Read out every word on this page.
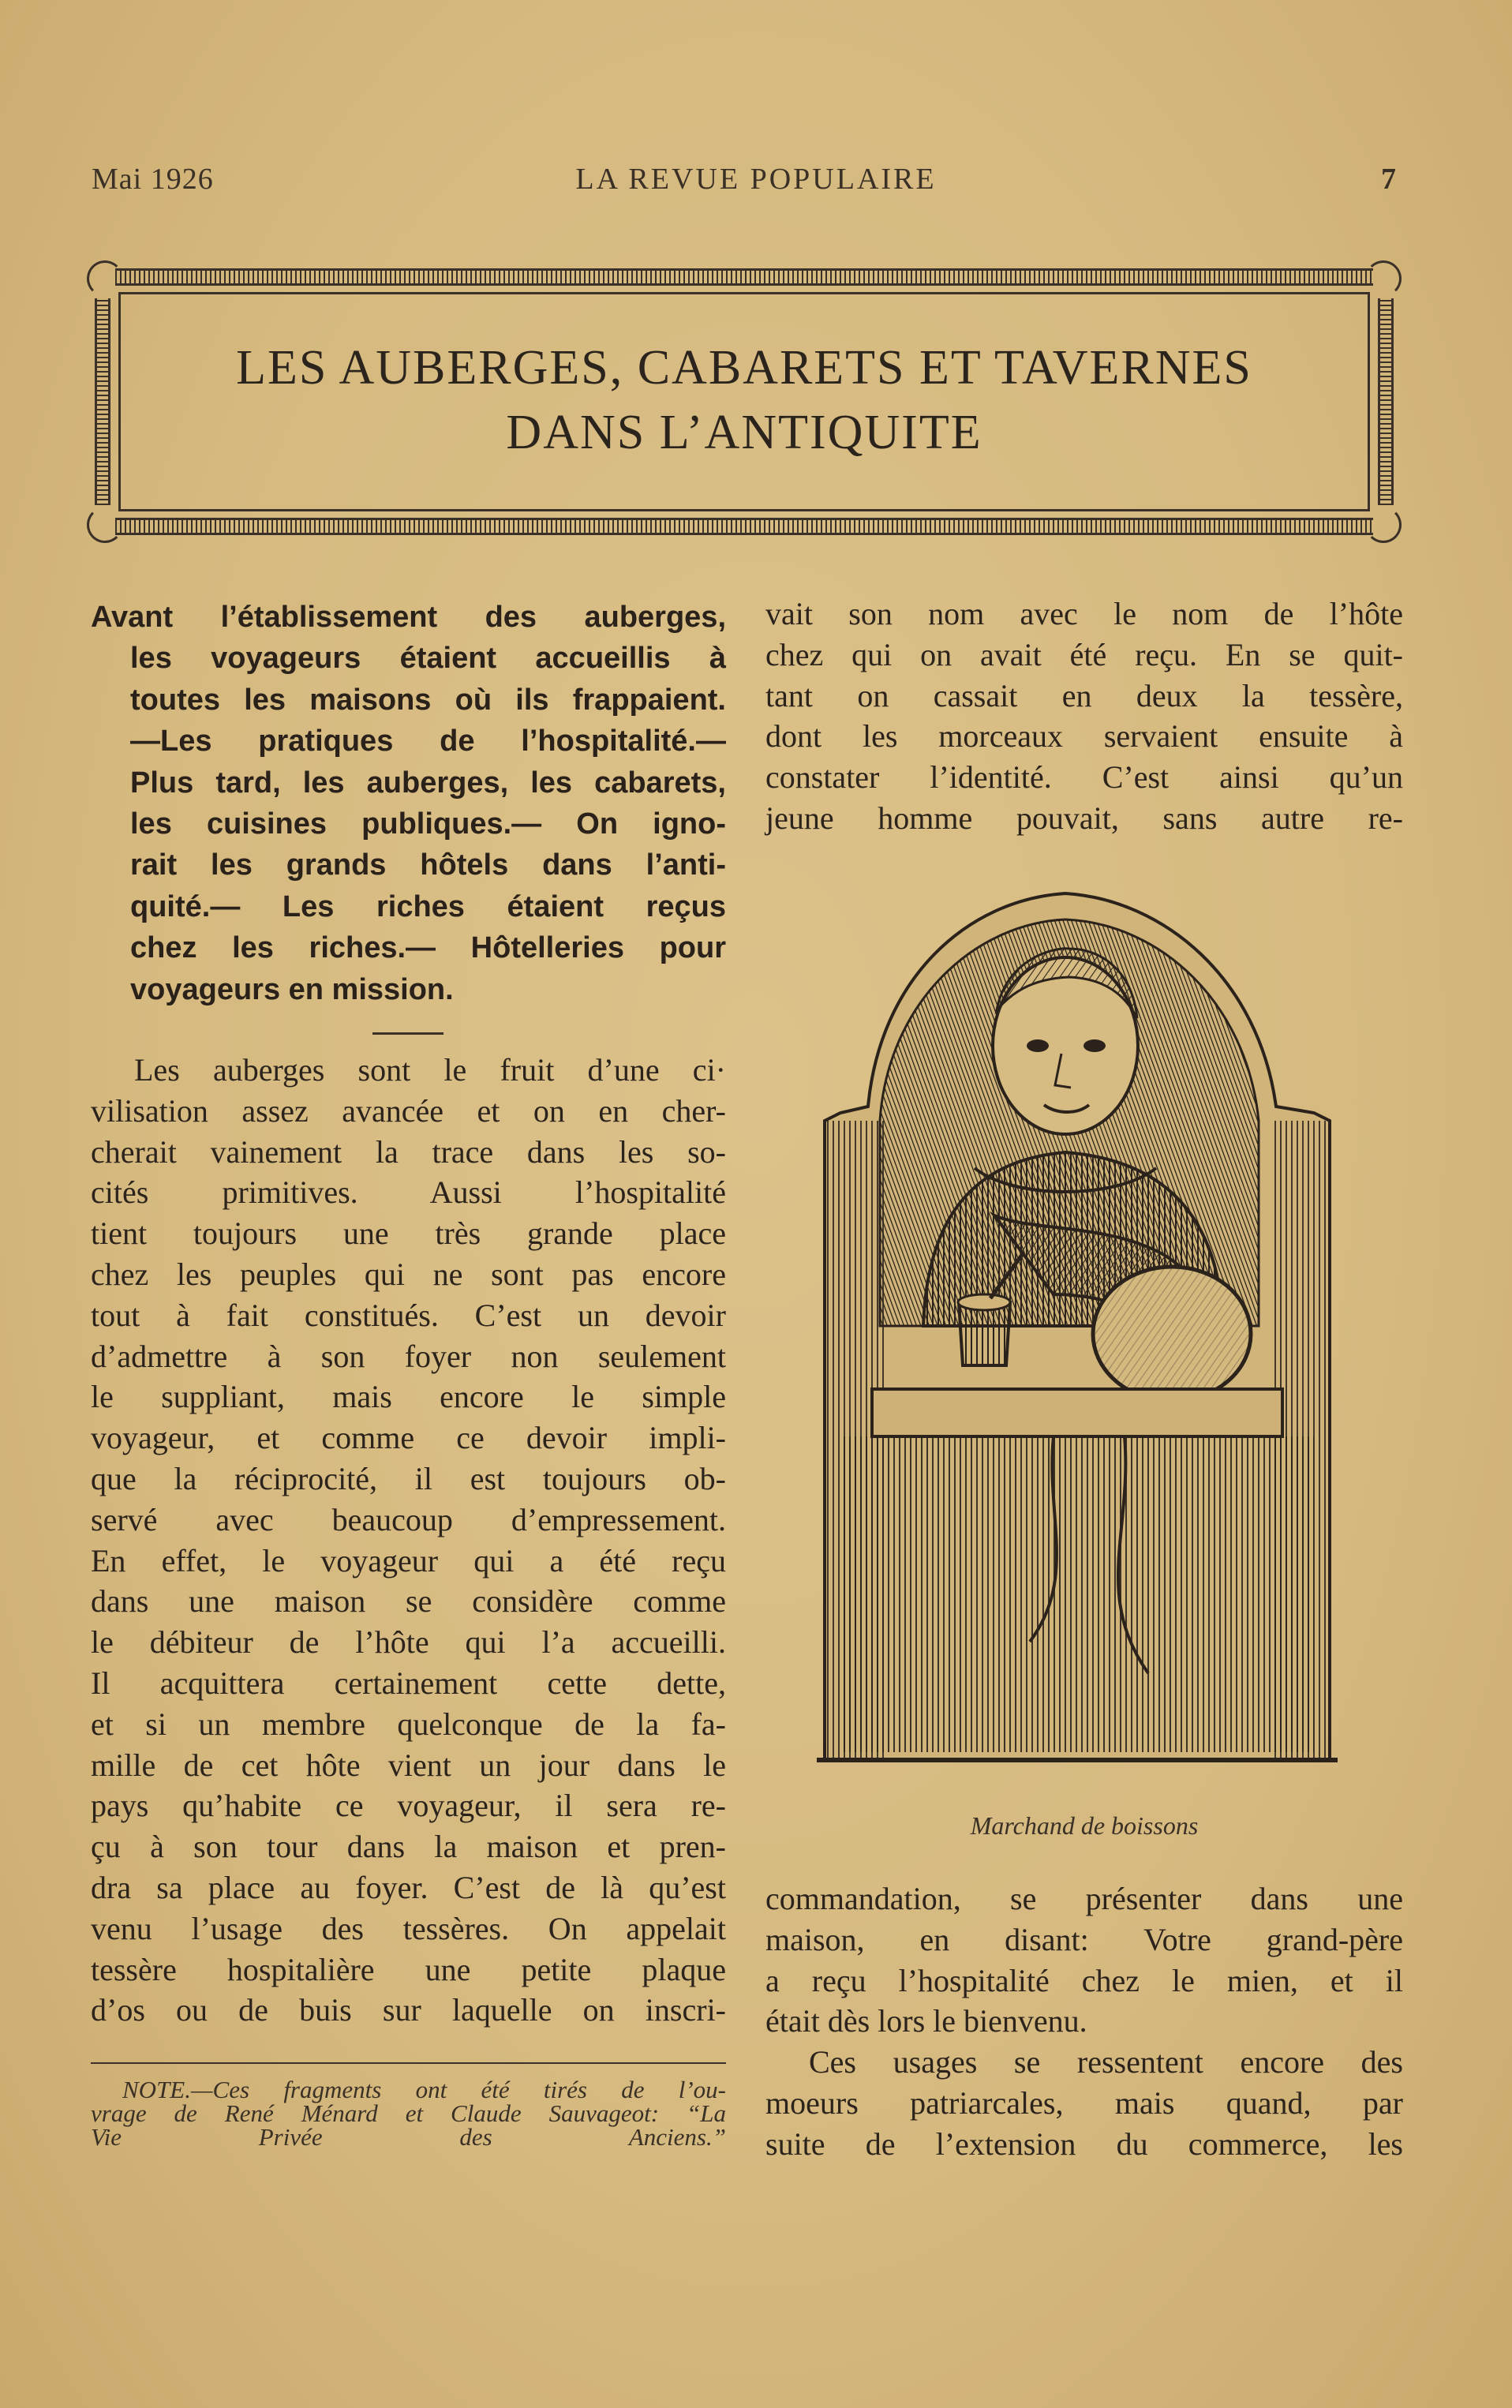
Mai 1926	LA REVUE POPULAIRE	7
LES AUBERGES, CABARETS ET TAVERNES
DANS L’ANTIQUITE
Avant l’établissement des auberges,
les voyageurs étaient accueillis à
toutes les maisons où ils frappaient.
—Les pratiques de l’hospitalité.—
Plus tard, les auberges, les cabarets,
les cuisines publiques.— On igno-
rait les grands hôtels dans l’anti-
quité.— Les riches étaient reçus
chez les riches.— Hôtelleries pour
voyageurs en mission.
Les auberges sont le fruit d’une ci·
vilisation assez avancée et on en cher-
cherait vainement la trace dans les so-
cités primitives. Aussi l’hospitalité
tient toujours une très grande place
chez les peuples qui ne sont pas encore
tout à fait constitués. C’est un devoir
d’admettre à son foyer non seulement
le suppliant, mais encore le simple
voyageur, et comme ce devoir impli-
que la réciprocité, il est toujours ob-
servé avec beaucoup d’empressement.
En effet, le voyageur qui a été reçu
dans une maison se considère comme
le débiteur de l’hôte qui l’a accueilli.
Il acquittera certainement cette dette,
et si un membre quelconque de la fa-
mille de cet hôte vient un jour dans le
pays qu’habite ce voyageur, il sera re-
çu à son tour dans la maison et pren-
dra sa place au foyer. C’est de là qu’est
venu l’usage des tessères. On appelait
tessère hospitalière une petite plaque
d’os ou de buis sur laquelle on inscri-
NOTE.—Ces fragments ont été tirés de l’ou-
vrage de René Ménard et Claude Sauvageot: “La
Vie Privée des Anciens.”
vait son nom avec le nom de l’hôte
chez qui on avait été reçu. En se quit-
tant on cassait en deux la tessère,
dont les morceaux servaient ensuite à
constater l’identité. C’est ainsi qu’un
jeune homme pouvait, sans autre re-
commandation, se présenter dans une
maison, en disant: Votre grand-père
a reçu l’hospitalité chez le mien, et il
était dès lors le bienvenu.
Ces usages se ressentent encore des
moeurs patriarcales, mais quand, par
suite de l’extension du commerce, les
Marchand de boissons
